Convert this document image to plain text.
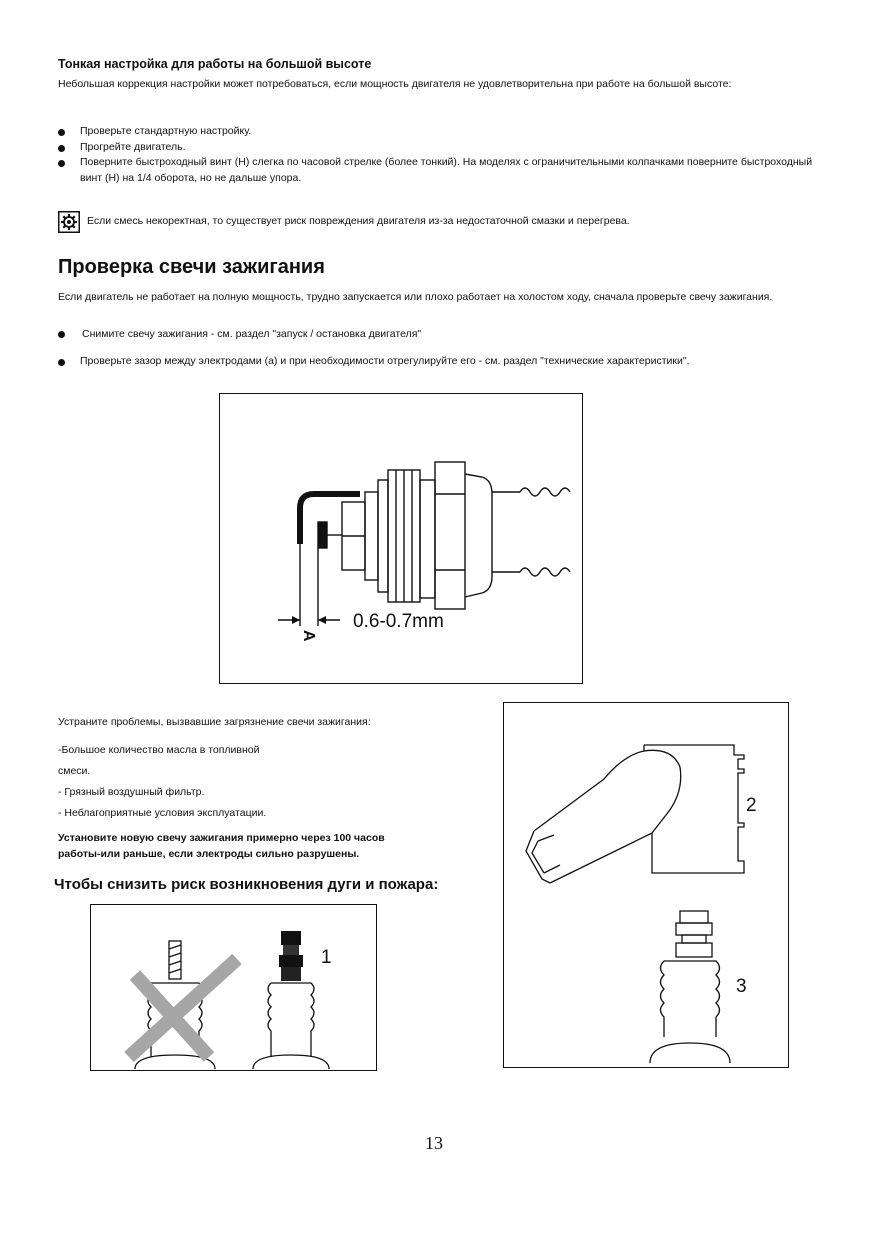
Тонкая настройка для работы на большой высоте
Небольшая коррекция настройки может потребоваться, если мощность двигателя не удовлетворительна при работе на большой высоте:
Проверьте стандартную настройку.
Прогрейте двигатель.
Поверните быстроходный винт (H) слегка по часовой стрелке (более тонкий). На моделях с ограничительными колпачками поверните быстроходный винт (H) на 1/4 оборота, но не дальше упора.
Если смесь некоректная, то существует риск повреждения двигателя из-за недостаточной смазки и перегрева.
Проверка свечи зажигания
Если двигатель не работает на полную мощность, трудно запускается или плохо работает на холостом ходу, сначала проверьте свечу зажигания.
Снимите свечу зажигания - см. раздел "запуск / остановка двигателя"
Проверьте зазор между электродами (а) и при необходимости отрегулируйте его - см. раздел "технические характеристики".
0.6-0.7mm
A
Устраните проблемы, вызвавшие загрязнение свечи зажигания:
-Большое количество масла в топливной
смеси.
- Грязный воздушный фильтр.
- Неблагоприятные условия эксплуатации.
Установите новую свечу зажигания примерно через 100 часов
работы-или раньше, если электроды сильно разрушены.
Чтобы снизить риск возникновения дуги и пожара:
1
2
3
13
